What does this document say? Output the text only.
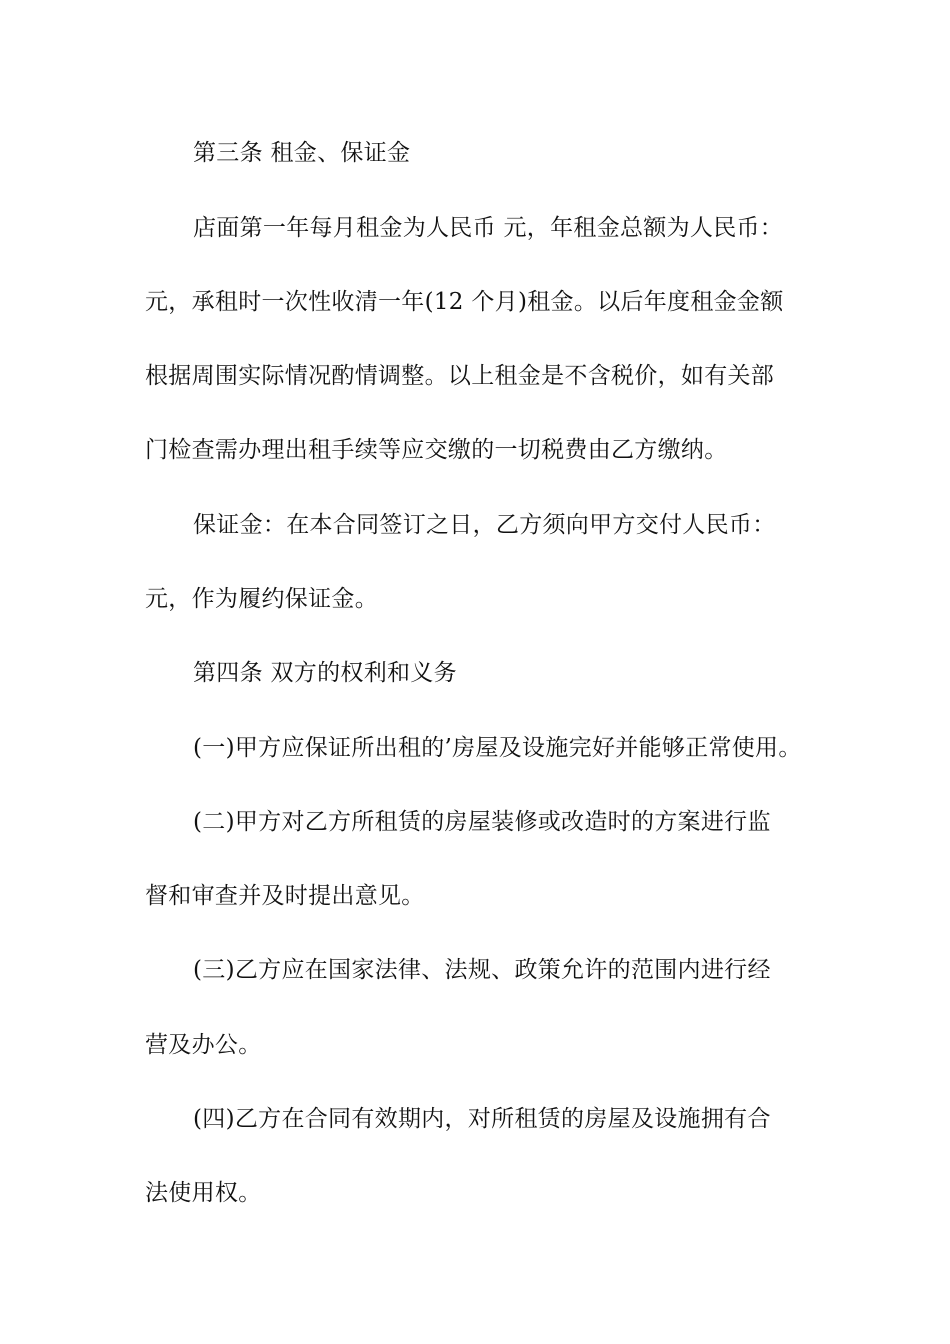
第三条 租金、保证金
店面第一年每月租金为人民币 元，年租金总额为人民币：
元，承租时一次性收清一年(12 个月)租金。以后年度租金金额
根据周围实际情况酌情调整。以上租金是不含税价，如有关部
门检查需办理出租手续等应交缴的一切税费由乙方缴纳。
保证金：在本合同签订之日，乙方须向甲方交付人民币：
元，作为履约保证金。
第四条 双方的权利和义务
(一)甲方应保证所出租的’房屋及设施完好并能够正常使用。
(二)甲方对乙方所租赁的房屋装修或改造时的方案进行监
督和审查并及时提出意见。
(三)乙方应在国家法律、法规、政策允许的范围内进行经
营及办公。
(四)乙方在合同有效期内，对所租赁的房屋及设施拥有合
法使用权。
